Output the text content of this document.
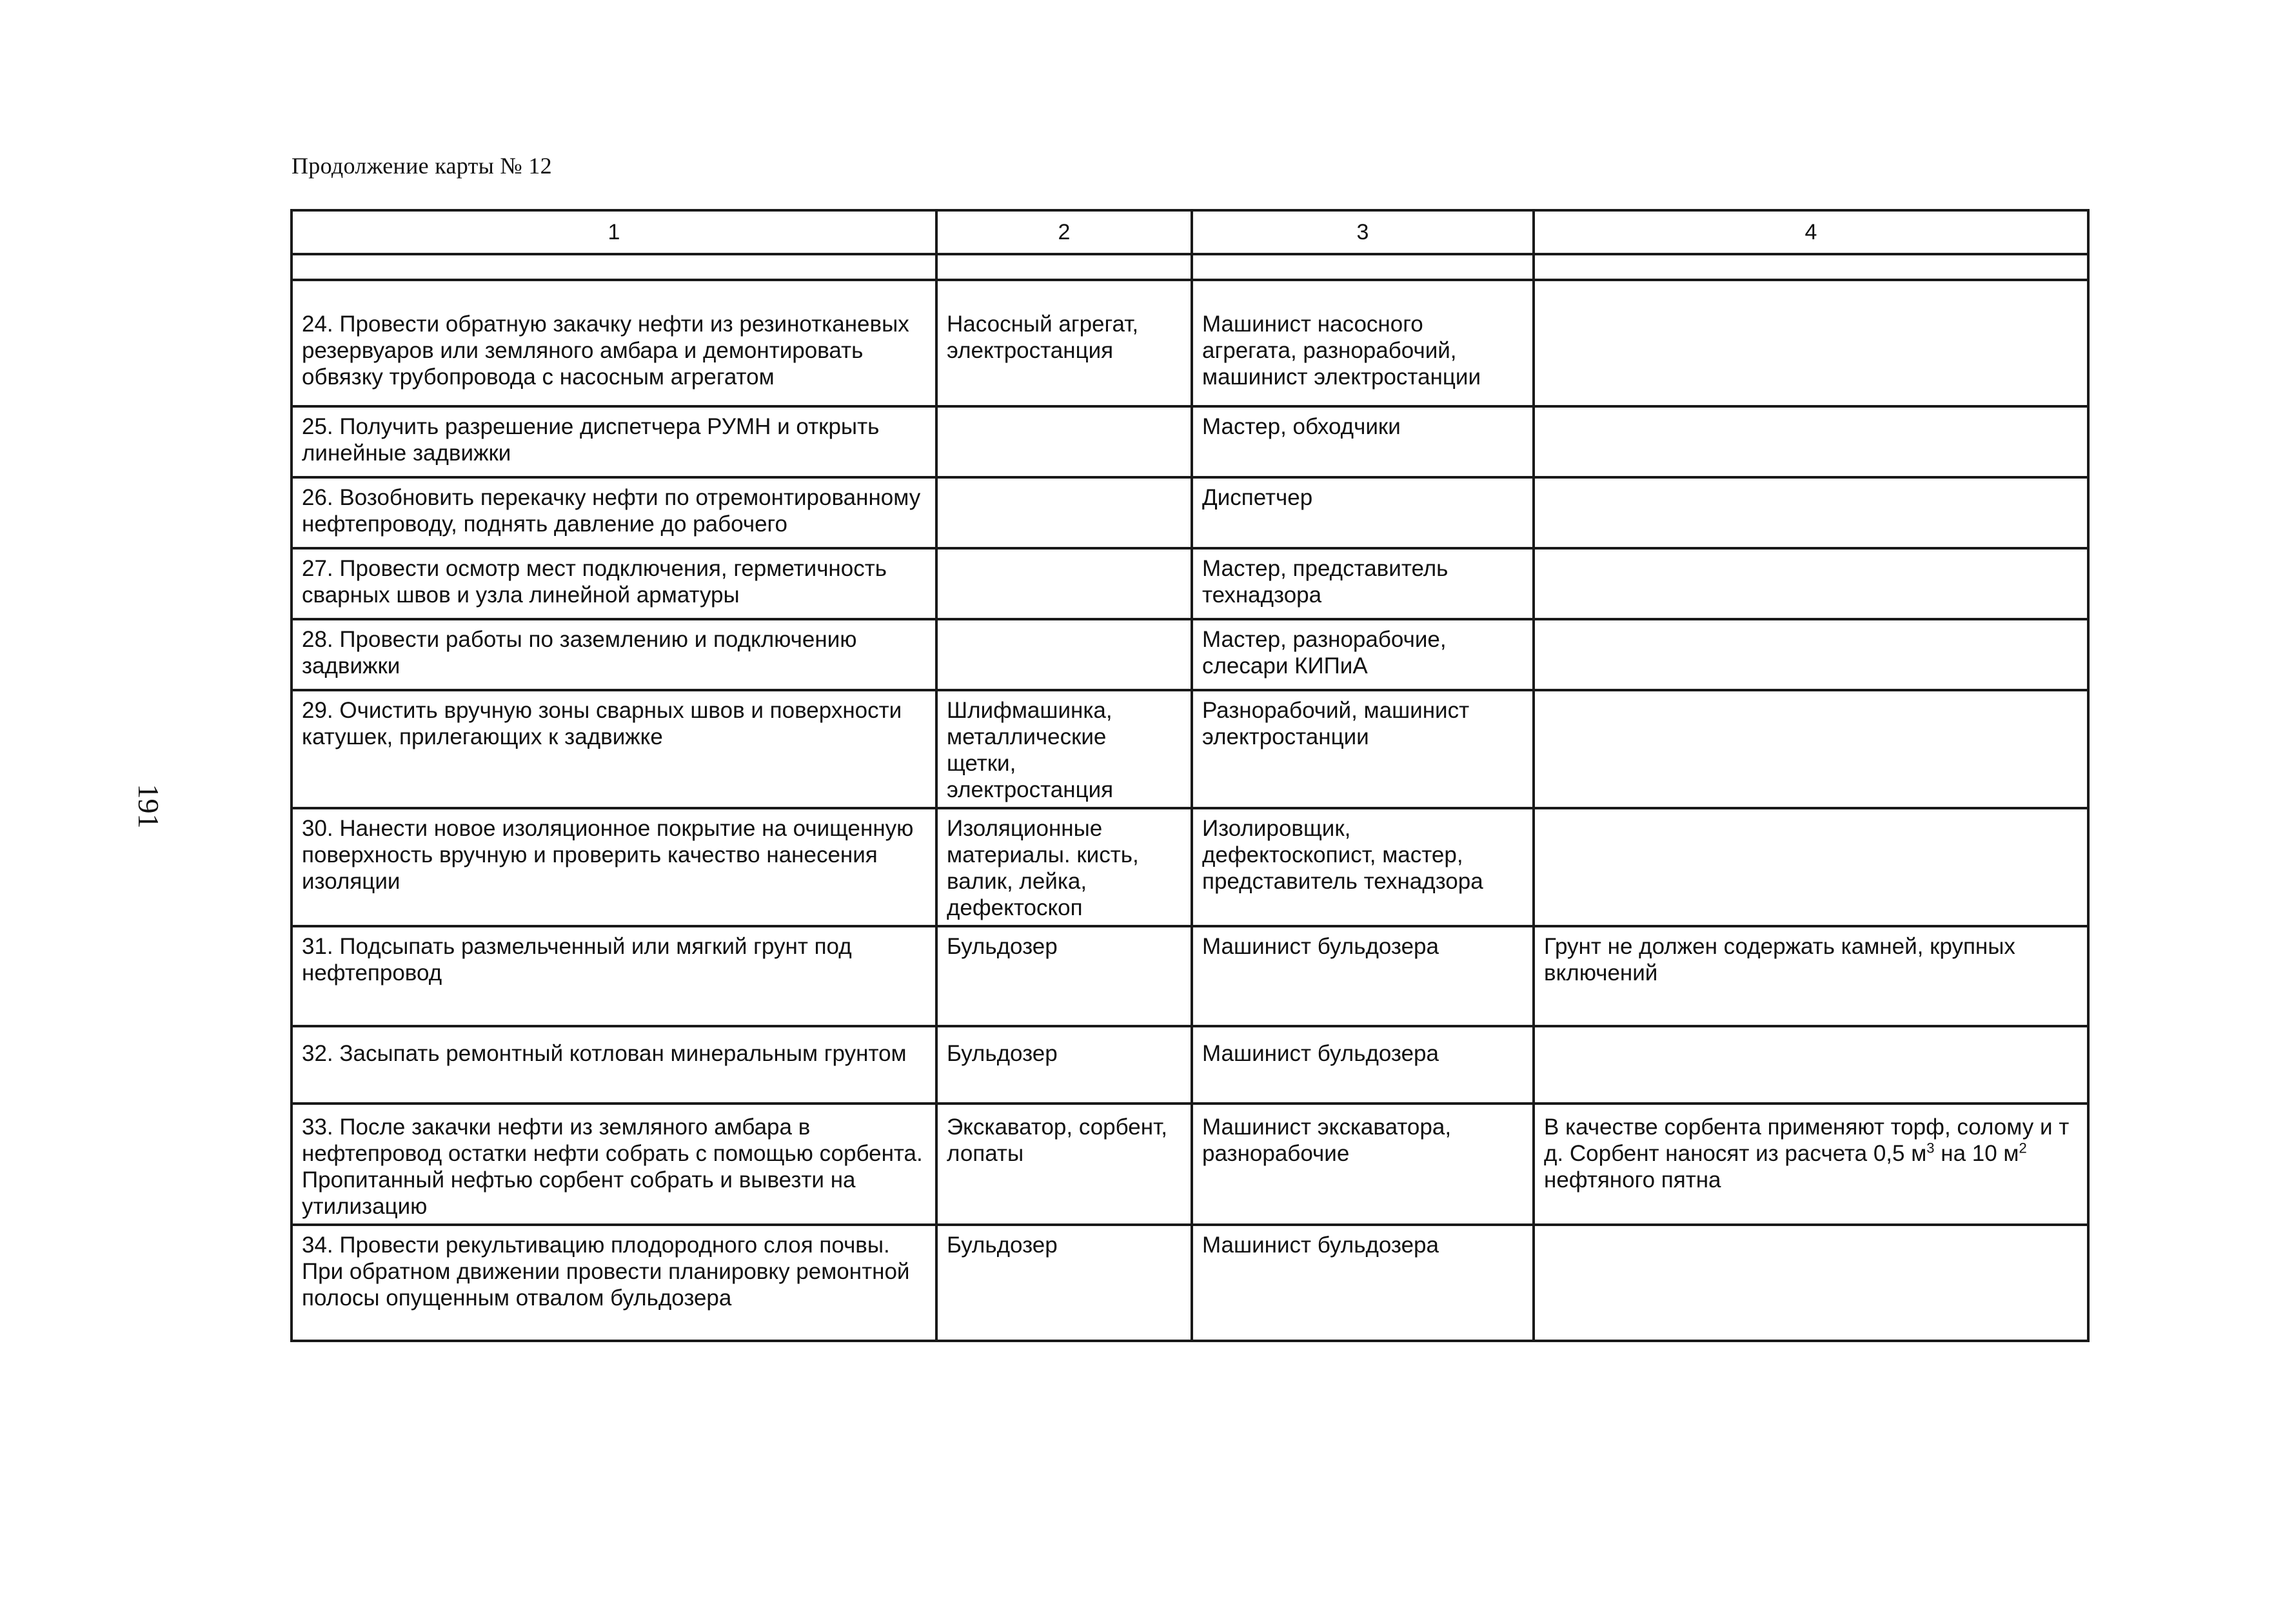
Продолжение карты № 12
191
1	2	3	4

24. Провести обратную закачку нефти из резинотканевых резервуаров или земляного амбара и демонтировать обвязку трубопровода с насосным агрегатом	Насосный агрегат, электростанция	Машинист насосного агрегата, разнорабочий, машинист электростанции	
25. Получить разрешение диспетчера РУМН и открыть линейные задвижки		Мастер, обходчики	
26. Возобновить перекачку нефти по отремонтированному нефтепроводу, поднять давление до рабочего		Диспетчер	
27. Провести осмотр мест подключения, герметичность сварных швов и узла линейной арматуры		Мастер, представитель технадзора	
28. Провести работы по заземлению и подключению задвижки		Мастер, разнорабочие, слесари КИПиА	
29. Очистить вручную зоны сварных швов и поверхности катушек, прилегающих к задвижке	Шлифмашинка, металлические щетки, электростанция	Разнорабочий, машинист электростанции	
30. Нанести новое изоляционное покрытие на очищенную поверхность вручную и проверить качество нанесения изоляции	Изоляционные материалы. кисть, валик, лейка, дефектоскоп	Изолировщик, дефектоскопист, мастер, представитель технадзора	
31. Подсыпать размельченный или мягкий грунт под нефтепровод	Бульдозер	Машинист бульдозера	Грунт не должен содержать камней, крупных включений
32. Засыпать ремонтный котлован минеральным грунтом	Бульдозер	Машинист бульдозера	
33. После закачки нефти из земляного амбара в нефтепровод остатки нефти собрать с помощью сорбента. Пропитанный нефтью сорбент собрать и вывезти на утилизацию	Экскаватор, сорбент, лопаты	Машинист экскаватора, разнорабочие	В качестве сорбента применяют торф, солому и т д. Сорбент наносят из расчета 0,5 $м^3$ на 10 $м^2$ нефтяного пятна
34. Провести рекультивацию плодородного слоя почвы. При обратном движении провести планировку ремонтной полосы опущенным отвалом бульдозера	Бульдозер	Машинист бульдозера	
